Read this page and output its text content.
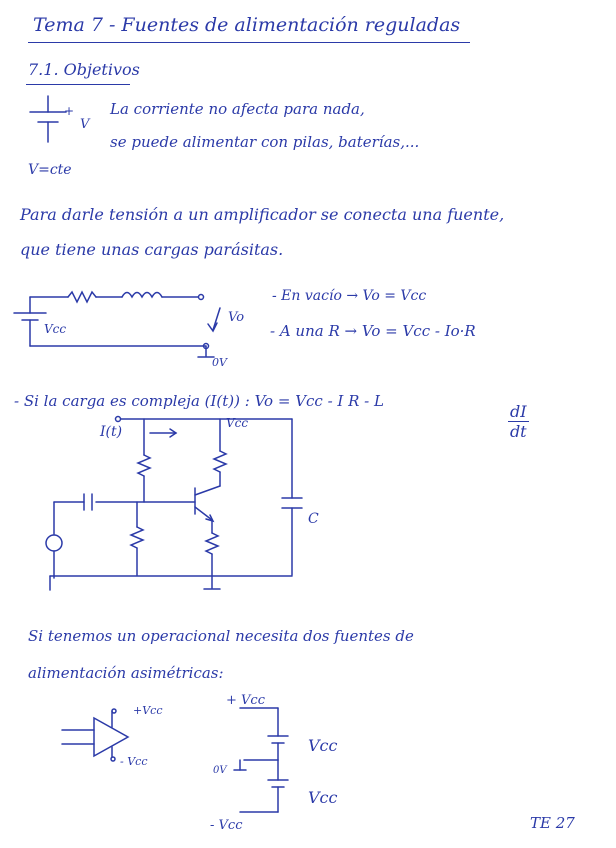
Tema 7 - Fuentes de alimentación reguladas
7.1. Objetivos
+
V
La corriente no afecta para nada,
se puede alimentar con pilas, baterías,...
V=cte
Para darle tensión a un amplificador se conecta una fuente,
que tiene unas cargas parásitas.
Vcc
Vo
0V
- En vacío → Vo = Vcc
- A una R → Vo = Vcc - Io·R
- Si la carga es compleja (I(t)) : Vo = Vcc - I R - L
$\frac{dI}{dt}$
I(t)
Vcc
C
Si tenemos un operacional necesita dos fuentes de
alimentación asimétricas:
+Vcc
- Vcc
+ Vcc
Vcc
Vcc
0V
- Vcc	TE 27
